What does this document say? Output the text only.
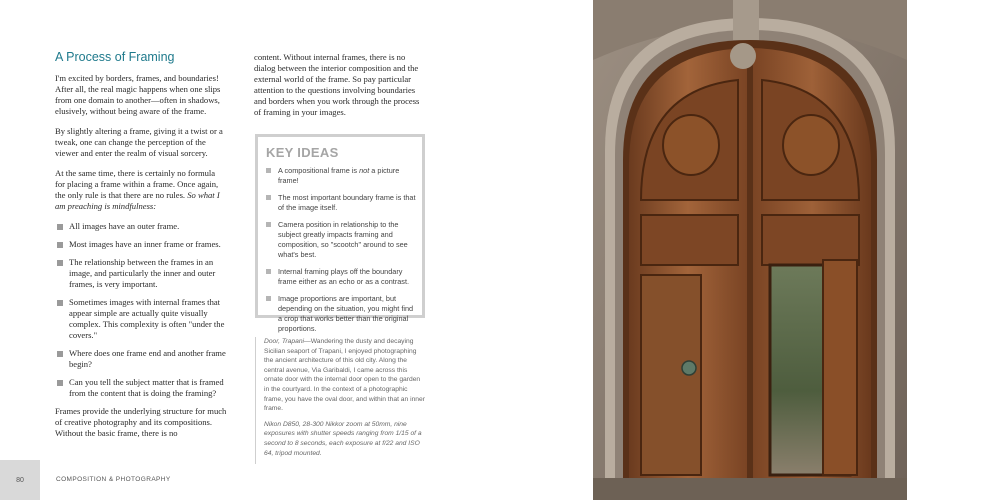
A Process of Framing

I'm excited by borders, frames, and boundaries! After all, the real magic happens when one slips from one domain to another—often in shadows, elusively, without being aware of the frame.

By slightly altering a frame, giving it a twist or a tweak, one can change the perception of the viewer and enter the realm of visual sorcery.

At the same time, there is certainly no formula for placing a frame within a frame. Once again, the only rule is that there are no rules. So what I am preaching is mindfulness:

All images have an outer frame.
Most images have an inner frame or frames.
The relationship between the frames in an image, and particularly the inner and outer frames, is very important.
Sometimes images with internal frames that appear simple are actually quite visually complex. This complexity is often "under the covers."
Where does one frame end and another frame begin?
Can you tell the subject matter that is framed from the content that is doing the framing?

Frames provide the underlying structure for much of creative photography and its compositions. Without the basic frame, there is no

content. Without internal frames, there is no dialog between the interior composition and the external world of the frame. So pay particular attention to the questions involving boundaries and borders when you work through the process of framing in your images.

KEY IDEAS
A compositional frame is not a picture frame!
The most important boundary frame is that of the image itself.
Camera position in relationship to the subject greatly impacts framing and composition, so "scootch" around to see what's best.
Internal framing plays off the boundary frame either as an echo or as a contrast.
Image proportions are important, but depending on the situation, you might find a crop that works better than the original proportions.

Door, Trapani—Wandering the dusty and decaying Sicilian seaport of Trapani, I enjoyed photographing the ancient architecture of this old city. Along the central avenue, Via Garibaldi, I came across this ornate door with the internal door open to the garden in the courtyard. In the context of a photographic frame, you have the oval door, and within that an inner frame.

Nikon D850, 28-300 Nikkor zoom at 50mm, nine exposures with shutter speeds ranging from 1/15 of a second to 8 seconds, each exposure at f/22 and ISO 64, tripod mounted.

80	COMPOSITION & PHOTOGRAPHY
